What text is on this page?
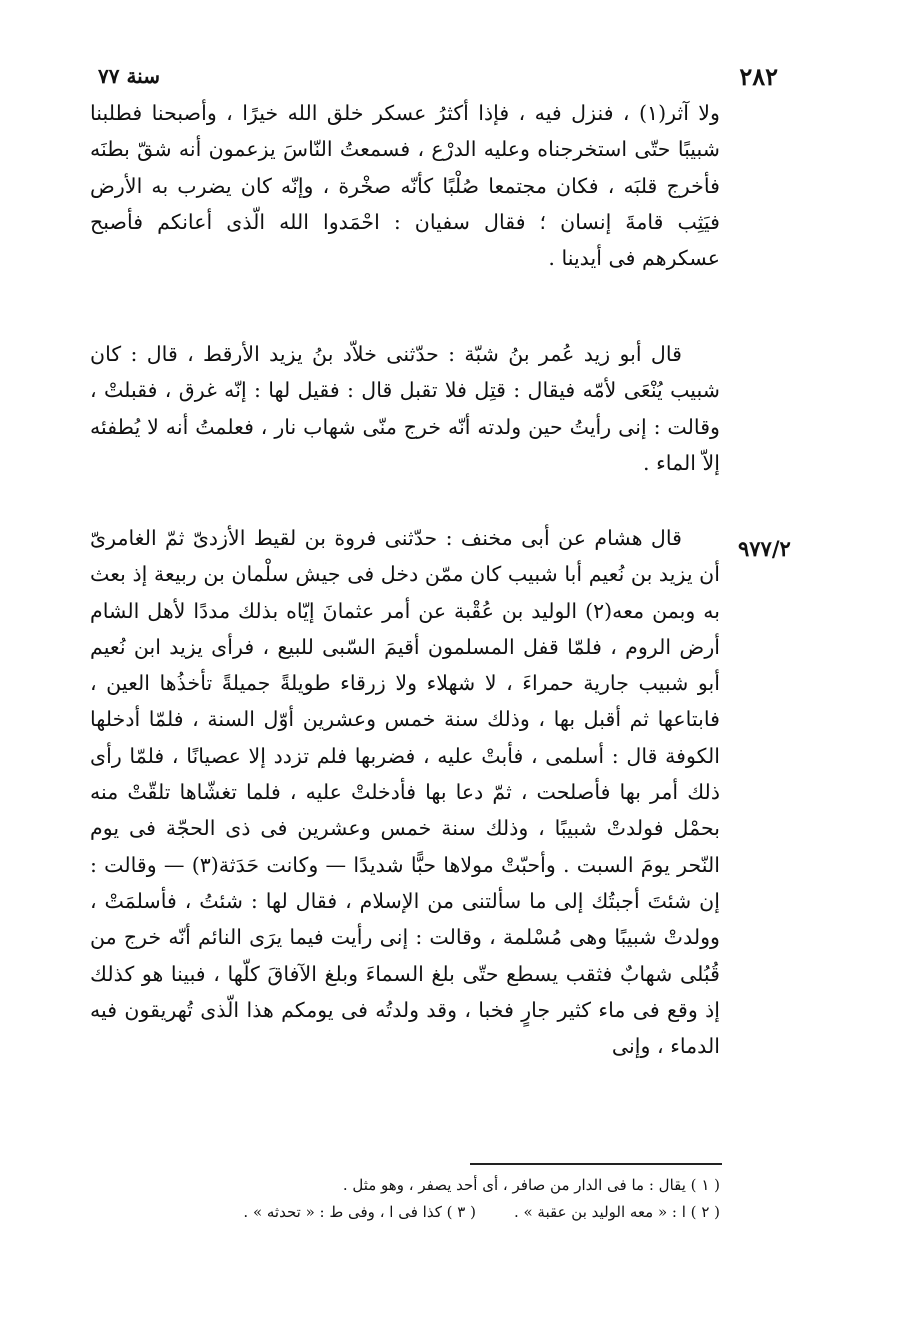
٢٨٢
سنة ٧٧

ولا آثر(١) ، فنزل فيه ، فإذا أكثرُ عسكر خلق الله خيرًا ، وأصبحنا فطلبنا شبيبًا حتّى استخرجناه وعليه الدرْع ، فسمعتُ النّاسَ يزعمون أنه شقّ بطنَه فأخرج قلبَه ، فكان مجتمعا صُلْبًا كأنّه صخْرة ، وإنّه كان يضرب به الأرض فيَثِب قامةَ إنسان ؛ فقال سفيان : احْمَدوا الله الّذى أعانكم فأصبح عسكرهم فى أيدينا .

قال أبو زيد عُمر بنُ شبّة : حدّثنى خلاّد بنُ يزيد الأرقط ، قال : كان شبيب يُنْعَى لأمّه فيقال : قتِل فلا تقبل قال : فقيل لها : إنّه غرق ، فقبلتْ ، وقالت : إنى رأيتُ حين ولدته أنّه خرج منّى شهاب نار ، فعلمتُ أنه لا يُطفئه إلاّ الماء .

٩٧٧/٢

قال هشام عن أبى مخنف : حدّثنى فروة بن لقيط الأزدىّ ثمّ الغامرىّ أن يزيد بن نُعيم أبا شبيب كان ممّن دخل فى جيش سلْمان بن ربيعة إذ بعث به وبمن معه(٢) الوليد بن عُقْبة عن أمر عثمانَ إيّاه بذلك مددًا لأهل الشام أرض الروم ، فلمّا قفل المسلمون أقيمَ السّبى للبيع ، فرأى يزيد ابن نُعيم أبو شبيب جارية حمراءَ ، لا شهلاء ولا زرقاء طويلةً جميلةً تأخذُها العين ، فابتاعها ثم أقبل بها ، وذلك سنة خمس وعشرين أوّل السنة ، فلمّا أدخلها الكوفة قال : أسلمى ، فأبتْ عليه ، فضربها فلم تزدد إلا عصيانًا ، فلمّا رأى ذلك أمر بها فأصلحت ، ثمّ دعا بها فأدخلتْ عليه ، فلما تغشّاها تلقّتْ منه بحمْل فولدتْ شبيبًا ، وذلك سنة خمس وعشرين فى ذى الحجّة فى يوم النّحر يومَ السبت . وأحبّتْ مولاها حبًّا شديدًا — وكانت حَدَثة(٣) — وقالت : إن شئتَ أجبتُك إلى ما سألتنى من الإسلام ، فقال لها : شئتُ ، فأسلمَتْ ، وولدتْ شبيبًا وهى مُسْلمة ، وقالت : إنى رأيت فيما يرَى النائم أنّه خرج من قُبُلى شهابٌ فثقب يسطع حتّى بلغ السماءَ وبلغ الآفاقَ كلّها ، فبينا هو كذلك إذ وقع فى ماء كثير جارٍ فخبا ، وقد ولدتُه فى يومكم هذا الّذى تُهريقون فيه الدماء ، وإنى

( ١ ) يقال : ما فى الدار من صافر ، أى أحد يصفر ، وهو مثل .

( ٢ ) ا : « معه الوليد بن عقبة » .
( ٣ ) كذا فى ا ، وفى ط : « تحدثه » .
